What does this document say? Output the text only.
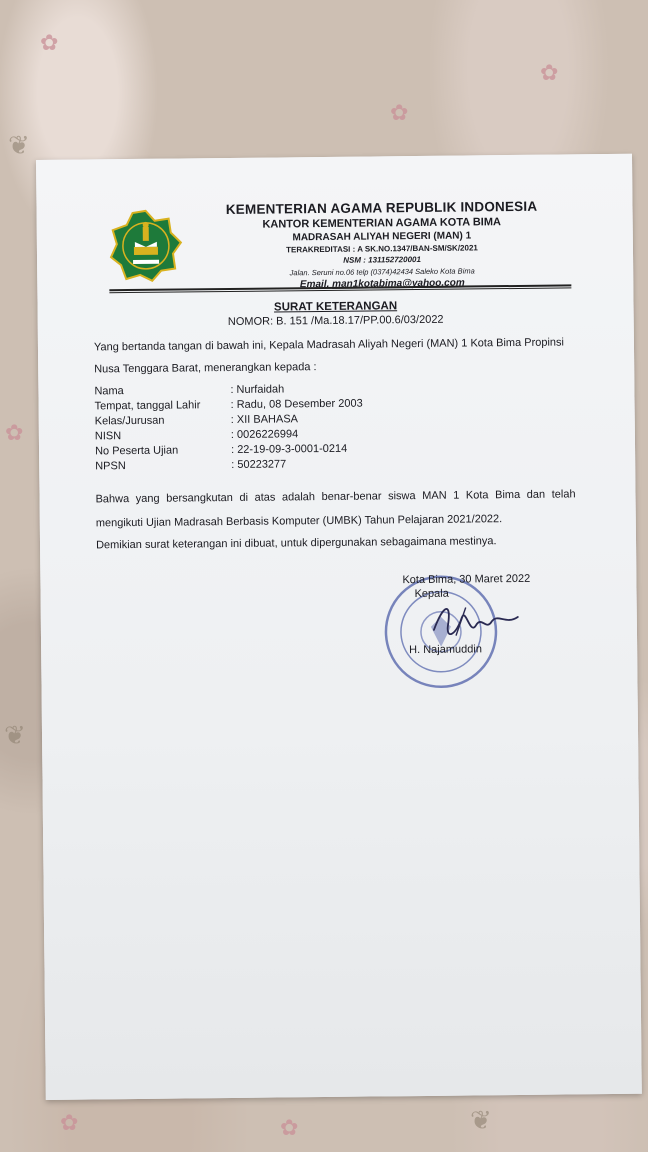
✿
✿
✿
❦
✿
❦
✿	✿	❦
KEMENTERIAN AGAMA REPUBLIK INDONESIA
KANTOR KEMENTERIAN AGAMA KOTA BIMA
MADRASAH ALIYAH NEGERI (MAN) 1
TERAKREDITASI : A SK.NO.1347/BAN-SM/SK/2021
NSM : 131152720001
Jalan. Seruni no.06 telp (0374)42434 Saleko Kota Bima
Email. man1kotabima@yahoo.com
SURAT KETERANGAN
NOMOR: B. 151 /Ma.18.17/PP.00.6/03/2022
Yang bertanda tangan di bawah ini, Kepala Madrasah Aliyah Negeri (MAN) 1 Kota Bima Propinsi Nusa Tenggara Barat, menerangkan kepada :
Nama	: Nurfaidah
Tempat, tanggal Lahir	: Radu, 08 Desember 2003
Kelas/Jurusan	: XII BAHASA
NISN	: 0026226994
No Peserta Ujian	: 22-19-09-3-0001-0214
NPSN	: 50223277
Bahwa yang bersangkutan di atas adalah benar-benar siswa MAN 1 Kota Bima dan telah mengikuti Ujian Madrasah Berbasis Komputer (UMBK) Tahun Pelajaran 2021/2022.
Demikian surat keterangan ini dibuat, untuk dipergunakan sebagaimana mestinya.
Kota Bima, 30 Maret 2022
Kepala
H. Najamuddin
